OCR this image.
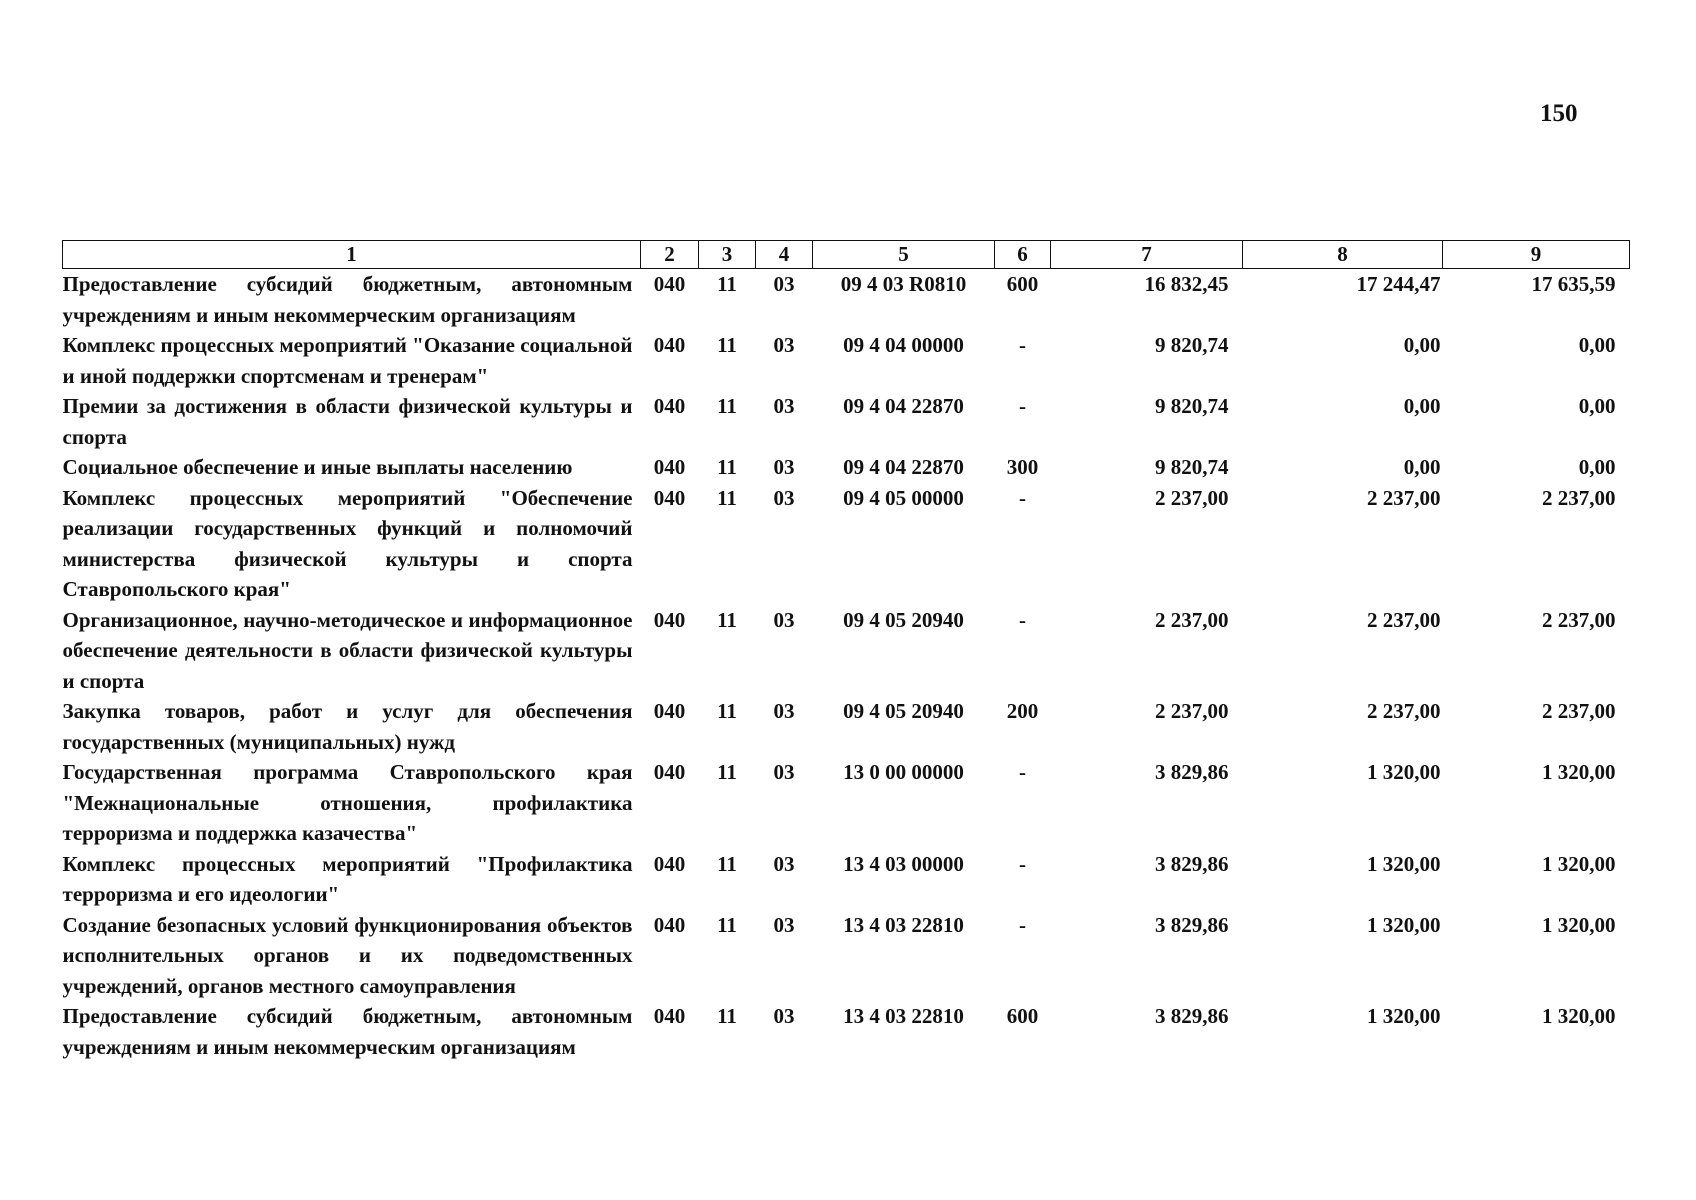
150
1	2	3	4	5	6	7	8	9
Предоставление субсидий бюджетным, автономным учреждениям и иным некоммерческим организациям	040	11	03	09 4 03 R0810	600	16 832,45	17 244,47	17 635,59
Комплекс процессных мероприятий "Оказание социальной и иной поддержки спортсменам и тренерам"	040	11	03	09 4 04 00000	-	9 820,74	0,00	0,00
Премии за достижения в области физической культуры и спорта	040	11	03	09 4 04 22870	-	9 820,74	0,00	0,00
Социальное обеспечение и иные выплаты населению	040	11	03	09 4 04 22870	300	9 820,74	0,00	0,00
Комплекс процессных мероприятий "Обеспечение реализации государственных функций и полномочий министерства физической культуры и спорта Ставропольского края"	040	11	03	09 4 05 00000	-	2 237,00	2 237,00	2 237,00
Организационное, научно-методическое и информационное обеспечение деятельности в области физической культуры и спорта	040	11	03	09 4 05 20940	-	2 237,00	2 237,00	2 237,00
Закупка товаров, работ и услуг для обеспечения государственных (муниципальных) нужд	040	11	03	09 4 05 20940	200	2 237,00	2 237,00	2 237,00
Государственная программа Ставропольского края "Межнациональные отношения, профилактика терроризма и поддержка казачества"	040	11	03	13 0 00 00000	-	3 829,86	1 320,00	1 320,00
Комплекс процессных мероприятий "Профилактика терроризма и его идеологии"	040	11	03	13 4 03 00000	-	3 829,86	1 320,00	1 320,00
Создание безопасных условий функционирования объектов исполнительных органов и их подведомственных учреждений, органов местного самоуправления	040	11	03	13 4 03 22810	-	3 829,86	1 320,00	1 320,00
Предоставление субсидий бюджетным, автономным учреждениям и иным некоммерческим организациям	040	11	03	13 4 03 22810	600	3 829,86	1 320,00	1 320,00
